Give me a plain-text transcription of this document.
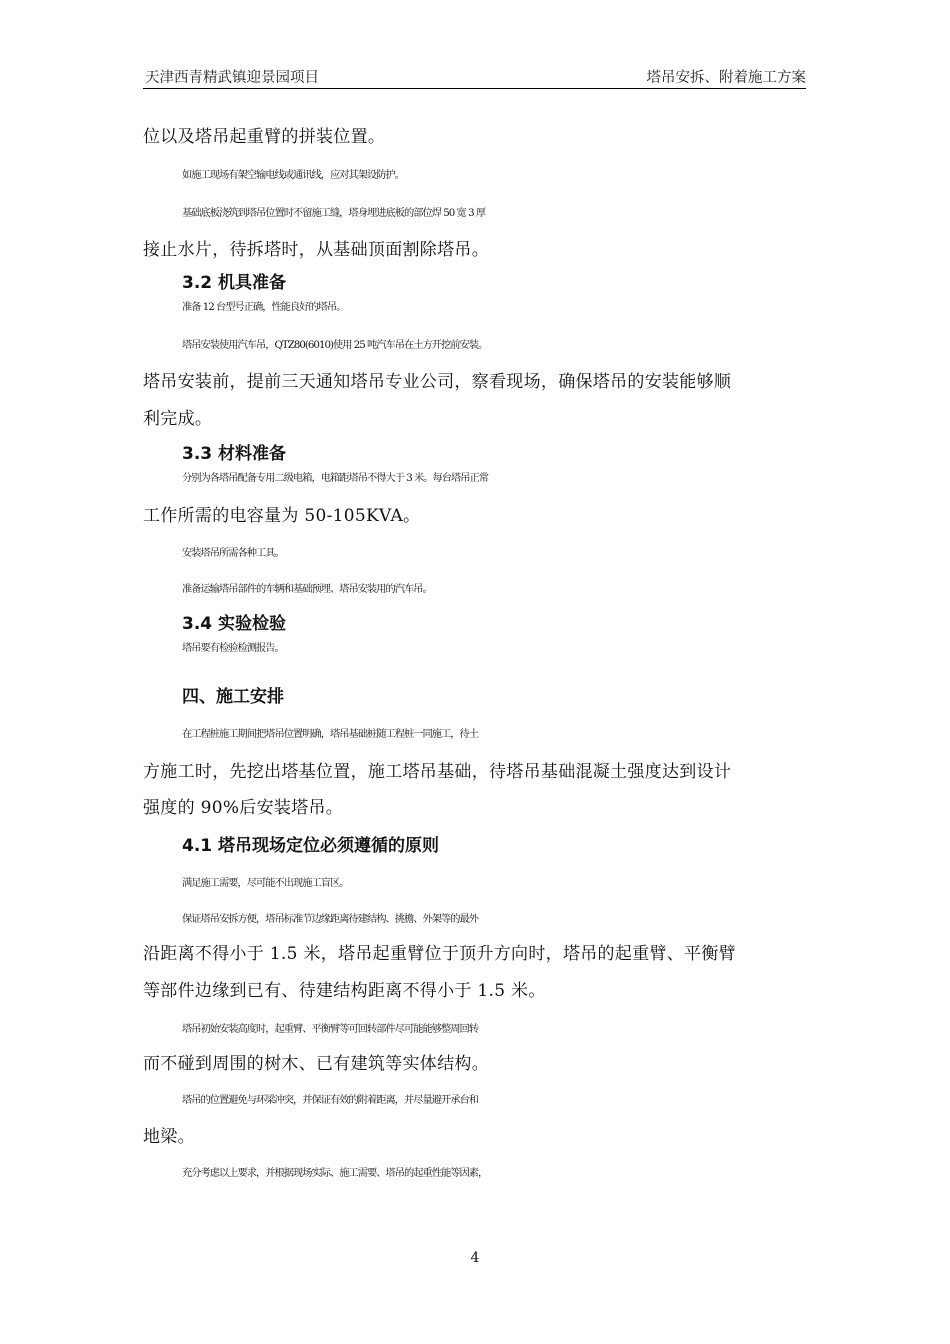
天津西青精武镇迎景园项目	塔吊安拆、附着施工方案
位以及塔吊起重臂的拼装位置。
如施工现场有架空输电线或通讯线，应对其架设防护。
基础底板浇筑到塔吊位置时不留施工缝，塔身埋进底板的部位焊 50 宽 3 厚
接止水片，待拆塔时，从基础顶面割除塔吊。
3.2 机具准备
准备 12 台型号正确，性能良好的塔吊。
塔吊安装使用汽车吊，QTZ80(6010)使用 25 吨汽车吊在土方开挖前安装。
塔吊安装前，提前三天通知塔吊专业公司，察看现场，确保塔吊的安装能够顺
利完成。
3.3 材料准备
分别为各塔吊配备专用二级电箱，电箱距塔吊不得大于 3 米。每台塔吊正常
工作所需的电容量为 50-105KVA。
安装塔吊所需各种工具。
准备运输塔吊部件的车辆和基础预埋、塔吊安装用的汽车吊。
3.4 实验检验
塔吊要有检验检测报告。
四、施工安排
在工程桩施工期间把塔吊位置明确，塔吊基础桩随工程桩一同施工，待土
方施工时，先挖出塔基位置，施工塔吊基础，待塔吊基础混凝土强度达到设计
强度的 90%后安装塔吊。
4.1 塔吊现场定位必须遵循的原则
满足施工需要，尽可能不出现施工盲区。
保证塔吊安拆方便，塔吊标准节边缘距离待建结构、挑檐、外架等的最外
沿距离不得小于 1.5 米，塔吊起重臂位于顶升方向时，塔吊的起重臂、平衡臂
等部件边缘到已有、待建结构距离不得小于 1.5 米。
塔吊初始安装高度时，起重臂、平衡臂等可回转部件尽可能能够整周回转
而不碰到周围的树木、已有建筑等实体结构。
塔吊的位置避免与环梁冲突，并保证有效的附着距离，并尽量避开承台和
地梁。
充分考虑以上要求，并根据现场实际、施工需要、塔吊的起重性能等因素，
4
